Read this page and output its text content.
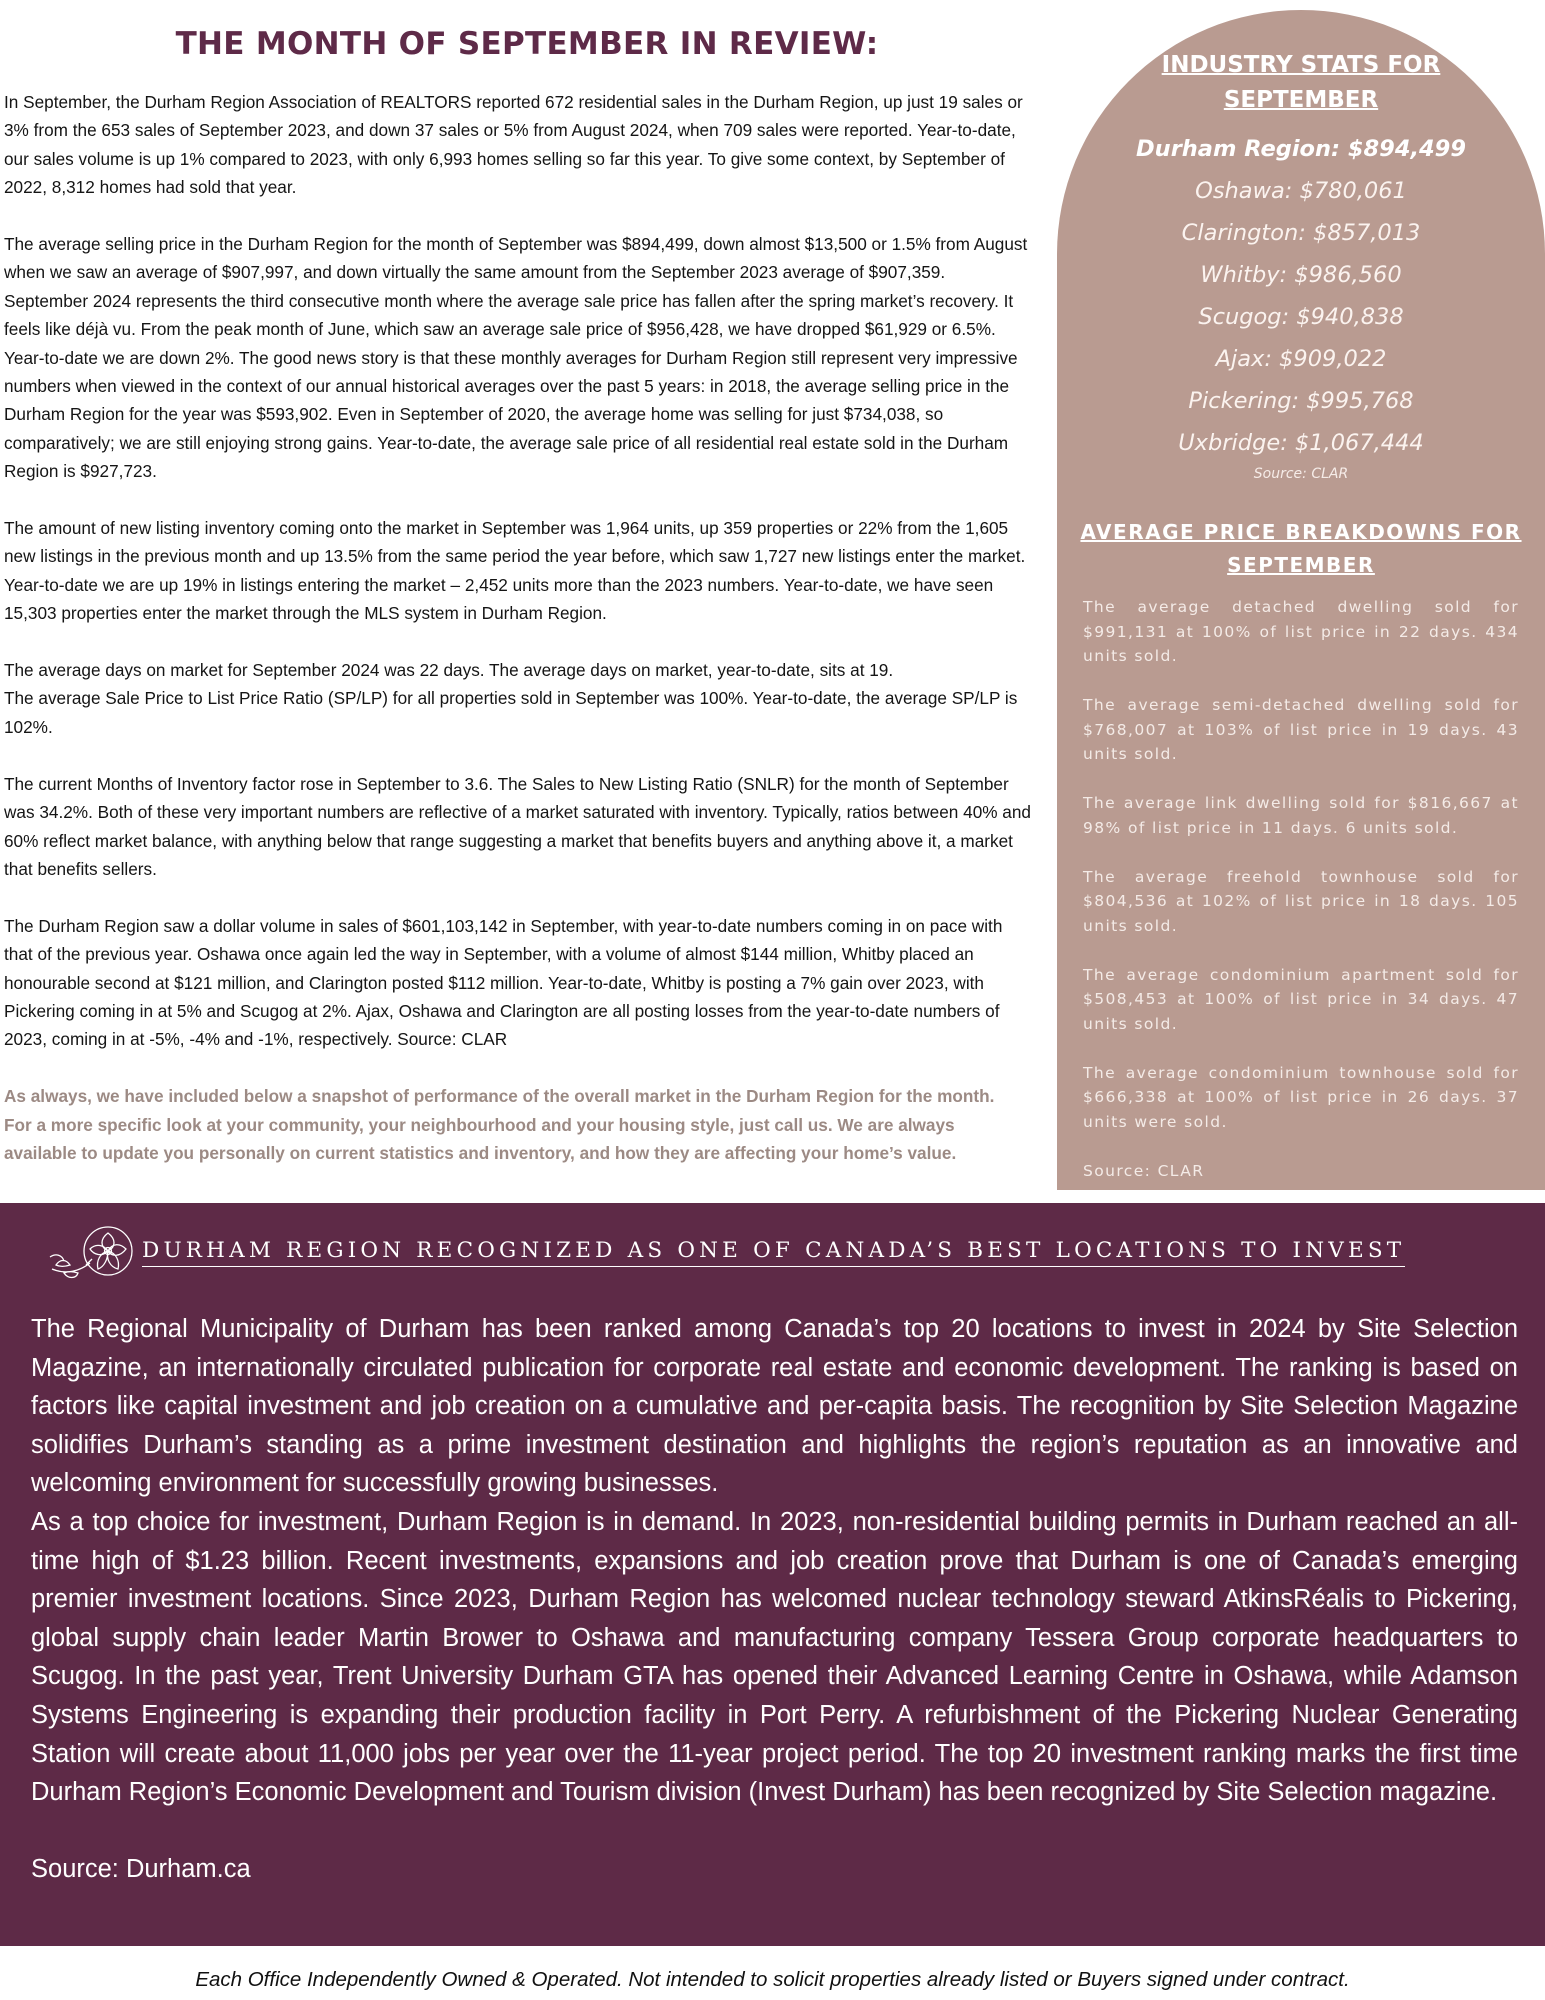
THE MONTH OF SEPTEMBER IN REVIEW:
In September, the Durham Region Association of REALTORS reported 672 residential sales in the Durham Region, up just 19 sales or
3% from the 653 sales of September 2023, and down 37 sales or 5% from August 2024, when 709 sales were reported. Year-to-date,
our sales volume is up 1% compared to 2023, with only 6,993 homes selling so far this year. To give some context, by September of
2022, 8,312 homes had sold that year.
The average selling price in the Durham Region for the month of September was $894,499, down almost $13,500 or 1.5% from August
when we saw an average of $907,997, and down virtually the same amount from the September 2023 average of $907,359.
September 2024 represents the third consecutive month where the average sale price has fallen after the spring market’s recovery. It
feels like déjà vu. From the peak month of June, which saw an average sale price of $956,428, we have dropped $61,929 or 6.5%.
Year-to-date we are down 2%. The good news story is that these monthly averages for Durham Region still represent very impressive
numbers when viewed in the context of our annual historical averages over the past 5 years: in 2018, the average selling price in the
Durham Region for the year was $593,902. Even in September of 2020, the average home was selling for just $734,038, so
comparatively; we are still enjoying strong gains. Year-to-date, the average sale price of all residential real estate sold in the Durham
Region is $927,723.
The amount of new listing inventory coming onto the market in September was 1,964 units, up 359 properties or 22% from the 1,605
new listings in the previous month and up 13.5% from the same period the year before, which saw 1,727 new listings enter the market.
Year-to-date we are up 19% in listings entering the market – 2,452 units more than the 2023 numbers. Year-to-date, we have seen
15,303 properties enter the market through the MLS system in Durham Region.
The average days on market for September 2024 was 22 days. The average days on market, year-to-date, sits at 19.
The average Sale Price to List Price Ratio (SP/LP) for all properties sold in September was 100%. Year-to-date, the average SP/LP is
102%.
The current Months of Inventory factor rose in September to 3.6. The Sales to New Listing Ratio (SNLR) for the month of September
was 34.2%. Both of these very important numbers are reflective of a market saturated with inventory. Typically, ratios between 40% and
60% reflect market balance, with anything below that range suggesting a market that benefits buyers and anything above it, a market
that benefits sellers.
The Durham Region saw a dollar volume in sales of $601,103,142 in September, with year-to-date numbers coming in on pace with
that of the previous year. Oshawa once again led the way in September, with a volume of almost $144 million, Whitby placed an
honourable second at $121 million, and Clarington posted $112 million. Year-to-date, Whitby is posting a 7% gain over 2023, with
Pickering coming in at 5% and Scugog at 2%. Ajax, Oshawa and Clarington are all posting losses from the year-to-date numbers of
2023, coming in at -5%, -4% and -1%, respectively. Source: CLAR
As always, we have included below a snapshot of performance of the overall market in the Durham Region for the month.
For a more specific look at your community, your neighbourhood and your housing style, just call us. We are always
available to update you personally on current statistics and inventory, and how they are affecting your home’s value.
INDUSTRY STATS FOR
SEPTEMBER
Durham Region: $894,499
Oshawa: $780,061
Clarington: $857,013
Whitby: $986,560
Scugog: $940,838
Ajax: $909,022
Pickering: $995,768
Uxbridge: $1,067,444
Source: CLAR
AVERAGE PRICE BREAKDOWNS FOR
SEPTEMBER

The average detached dwelling sold for $991,131 at 100% of list price in 22 days. 434 units sold.

The average semi-detached dwelling sold for $768,007 at 103% of list price in 19 days. 43 units sold.

The average link dwelling sold for $816,667 at 98% of list price in 11 days. 6 units sold.

The average freehold townhouse sold for $804,536 at 102% of list price in 18 days. 105 units sold.

The average condominium apartment sold for $508,453 at 100% of list price in 34 days. 47 units sold.

The average condominium townhouse sold for $666,338 at 100% of list price in 26 days. 37 units were sold.

Source: CLAR
DURHAM REGION RECOGNIZED AS ONE OF CANADA’S BEST LOCATIONS TO INVEST

The Regional Municipality of Durham has been ranked among Canada’s top 20 locations to invest in 2024 by Site Selection Magazine, an internationally circulated publication for corporate real estate and economic development. The ranking is based on factors like capital investment and job creation on a cumulative and per-capita basis. The recognition by Site Selection Magazine solidifies Durham’s standing as a prime investment destination and highlights the region’s reputation as an innovative and welcoming environment for successfully growing businesses.

As a top choice for investment, Durham Region is in demand. In 2023, non-residential building permits in Durham reached an all-time high of $1.23 billion. Recent investments, expansions and job creation prove that Durham is one of Canada’s emerging premier investment locations. Since 2023, Durham Region has welcomed nuclear technology steward AtkinsRéalis to Pickering, global supply chain leader Martin Brower to Oshawa and manufacturing company Tessera Group corporate headquarters to Scugog. In the past year, Trent University Durham GTA has opened their Advanced Learning Centre in Oshawa, while Adamson Systems Engineering is expanding their production facility in Port Perry. A refurbishment of the Pickering Nuclear Generating Station will create about 11,000 jobs per year over the 11-year project period. The top 20 investment ranking marks the first time Durham Region’s Economic Development and Tourism division (Invest Durham) has been recognized by Site Selection magazine.

Source: Durham.ca

Each Office Independently Owned & Operated. Not intended to solicit properties already listed or Buyers signed under contract.
